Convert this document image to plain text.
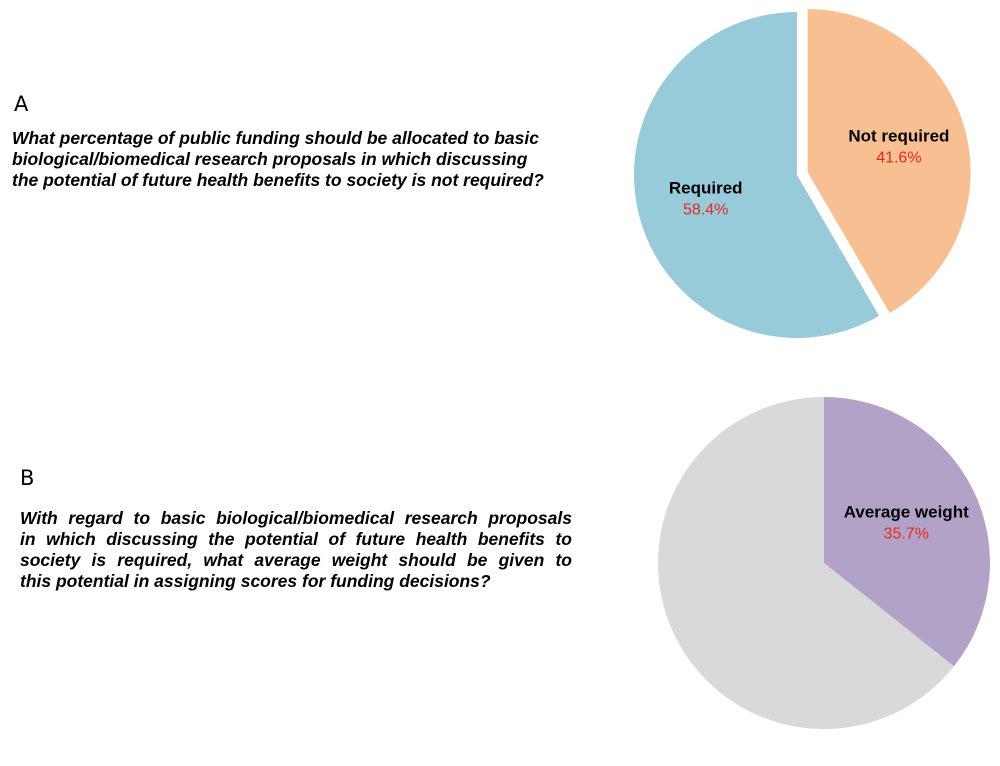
A

What percentage of public funding should be allocated to basic
biological/biomedical research proposals in which discussing
the potential of future health benefits to society is not required?

B

With regard to basic biological/biomedical research proposals
in which discussing the potential of future health benefits to
society is required, what average weight should be given to
this potential in assigning scores for funding decisions?

Not required
41.6%
Required
58.4%
Average weight
35.7%
